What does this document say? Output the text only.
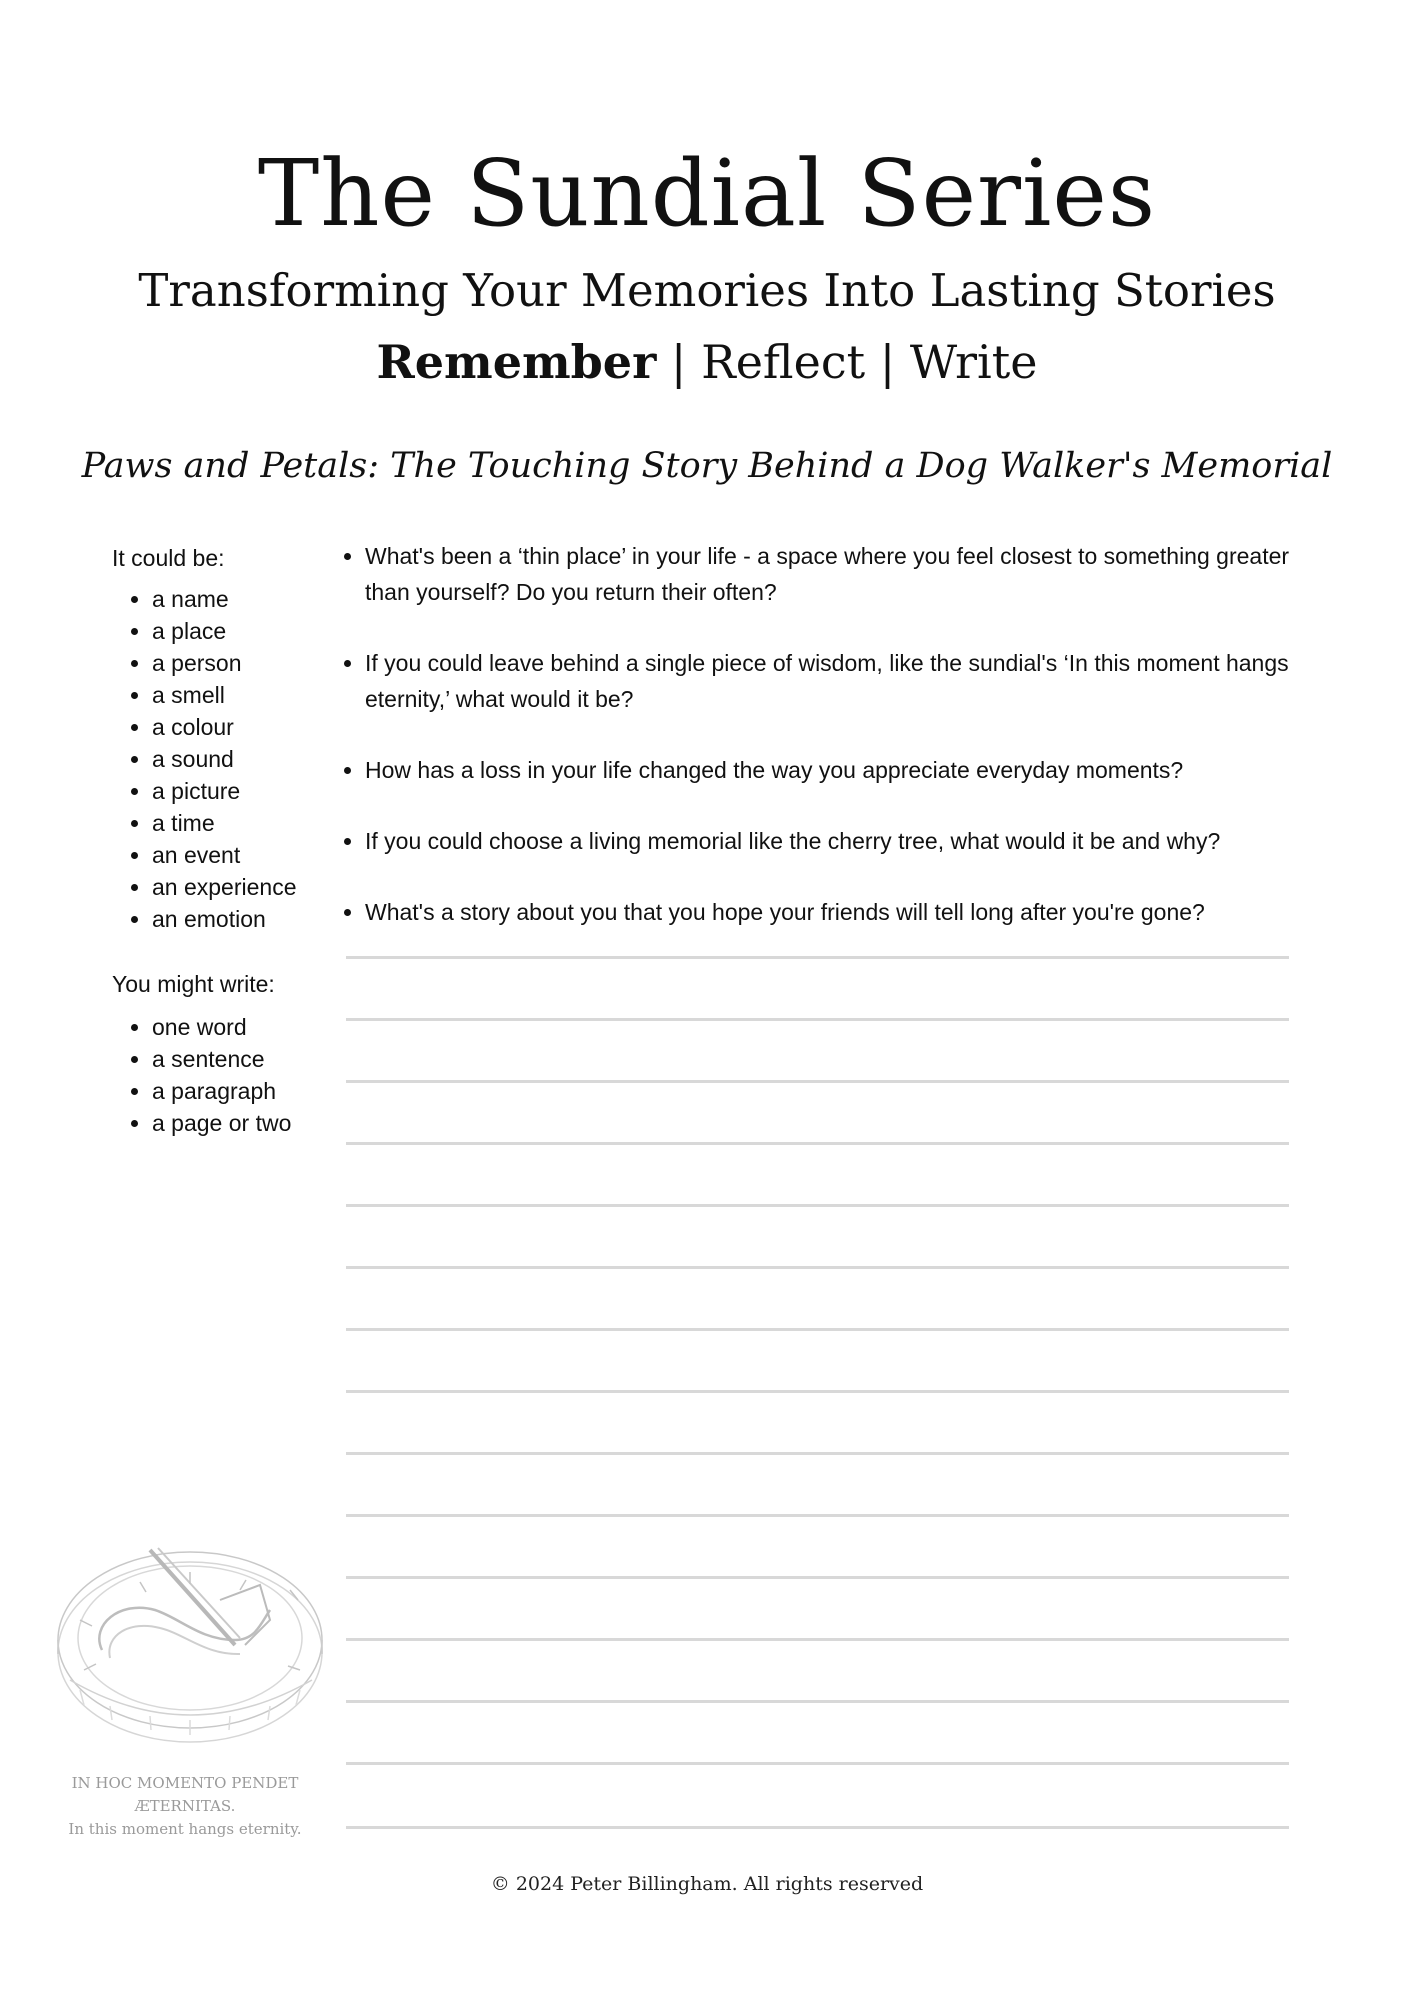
The Sundial Series
Transforming Your Memories Into Lasting Stories
Remember | Reflect | Write
Paws and Petals: The Touching Story Behind a Dog Walker's Memorial
It could be:
• a name
• a place
• a person
• a smell
• a colour
• a sound
• a picture
• a time
• an event
• an experience
• an emotion
You might write:
• one word
• a sentence
• a paragraph
• a page or two
• What's been a ‘thin place’ in your life - a space where you feel closest to something greater than yourself? Do you return their often?
• If you could leave behind a single piece of wisdom, like the sundial's ‘In this moment hangs eternity,’ what would it be?
• How has a loss in your life changed the way you appreciate everyday moments?
• If you could choose a living memorial like the cherry tree, what would it be and why?
• What's a story about you that you hope your friends will tell long after you're gone?
IN HOC MOMENTO PENDET ÆTERNITAS.
In this moment hangs eternity.
© 2024 Peter Billingham. All rights reserved
